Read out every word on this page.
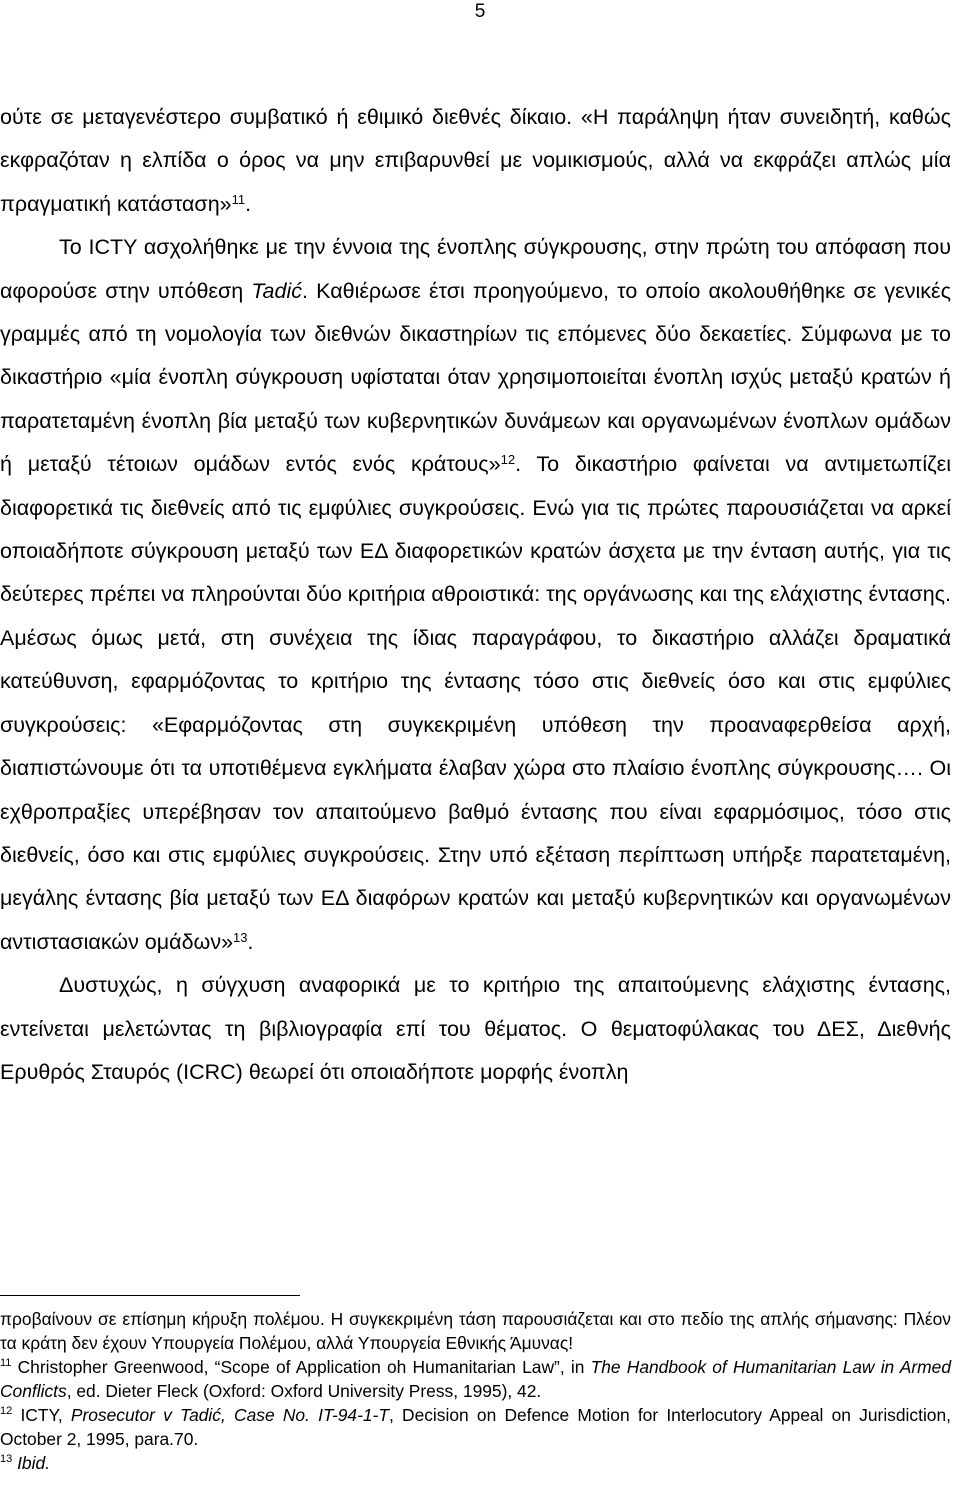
5

ούτε σε μεταγενέστερο συμβατικό ή εθιμικό διεθνές δίκαιο. «Η παράληψη ήταν συνειδητή, καθώς εκφραζόταν η ελπίδα ο όρος να μην επιβαρυνθεί με νομικισμούς, αλλά να εκφράζει απλώς μία πραγματική κατάσταση»$^{11}$.

Το ICTY ασχολήθηκε με την έννοια της ένοπλης σύγκρουσης, στην πρώτη του απόφαση που αφορούσε στην υπόθεση Tadić. Καθιέρωσε έτσι προηγούμενο, το οποίο ακολουθήθηκε σε γενικές γραμμές από τη νομολογία των διεθνών δικαστηρίων τις επόμενες δύο δεκαετίες. Σύμφωνα με το δικαστήριο «μία ένοπλη σύγκρουση υφίσταται όταν χρησιμοποιείται ένοπλη ισχύς μεταξύ κρατών ή παρατεταμένη ένοπλη βία μεταξύ των κυβερνητικών δυνάμεων και οργανωμένων ένοπλων ομάδων ή μεταξύ τέτοιων ομάδων εντός ενός κράτους»$^{12}$. Το δικαστήριο φαίνεται να αντιμετωπίζει διαφορετικά τις διεθνείς από τις εμφύλιες συγκρούσεις. Ενώ για τις πρώτες παρουσιάζεται να αρκεί οποιαδήποτε σύγκρουση μεταξύ των ΕΔ διαφορετικών κρατών άσχετα με την ένταση αυτής, για τις δεύτερες πρέπει να πληρούνται δύο κριτήρια αθροιστικά: της οργάνωσης και της ελάχιστης έντασης. Αμέσως όμως μετά, στη συνέχεια της ίδιας παραγράφου, το δικαστήριο αλλάζει δραματικά κατεύθυνση, εφαρμόζοντας το κριτήριο της έντασης τόσο στις διεθνείς όσο και στις εμφύλιες συγκρούσεις: «Εφαρμόζοντας στη συγκεκριμένη υπόθεση την προαναφερθείσα αρχή, διαπιστώνουμε ότι τα υποτιθέμενα εγκλήματα έλαβαν χώρα στο πλαίσιο ένοπλης σύγκρουσης…. Οι εχθροπραξίες υπερέβησαν τον απαιτούμενο βαθμό έντασης που είναι εφαρμόσιμος, τόσο στις διεθνείς, όσο και στις εμφύλιες συγκρούσεις. Στην υπό εξέταση περίπτωση υπήρξε παρατεταμένη, μεγάλης έντασης βία μεταξύ των ΕΔ διαφόρων κρατών και μεταξύ κυβερνητικών και οργανωμένων αντιστασιακών ομάδων»$^{13}$.

Δυστυχώς, η σύγχυση αναφορικά με το κριτήριο της απαιτούμενης ελάχιστης έντασης, εντείνεται μελετώντας τη βιβλιογραφία επί του θέματος. Ο θεματοφύλακας του ΔΕΣ, Διεθνής Ερυθρός Σταυρός (ICRC) θεωρεί ότι οποιαδήποτε μορφής ένοπλη

προβαίνουν σε επίσημη κήρυξη πολέμου. Η συγκεκριμένη τάση παρουσιάζεται και στο πεδίο της απλής σήμανσης: Πλέον τα κράτη δεν έχουν Υπουργεία Πολέμου, αλλά Υπουργεία Εθνικής Άμυνας!

$^{11}$ Christopher Greenwood, “Scope of Application oh Humanitarian Law”, in The Handbook of Humanitarian Law in Armed Conflicts, ed. Dieter Fleck (Oxford: Oxford University Press, 1995), 42.

$^{12}$ ICTY, Prosecutor v Tadić, Case No. IT-94-1-T, Decision on Defence Motion for Interlocutory Appeal on Jurisdiction, October 2, 1995, para.70.

$^{13}$ Ibid.
